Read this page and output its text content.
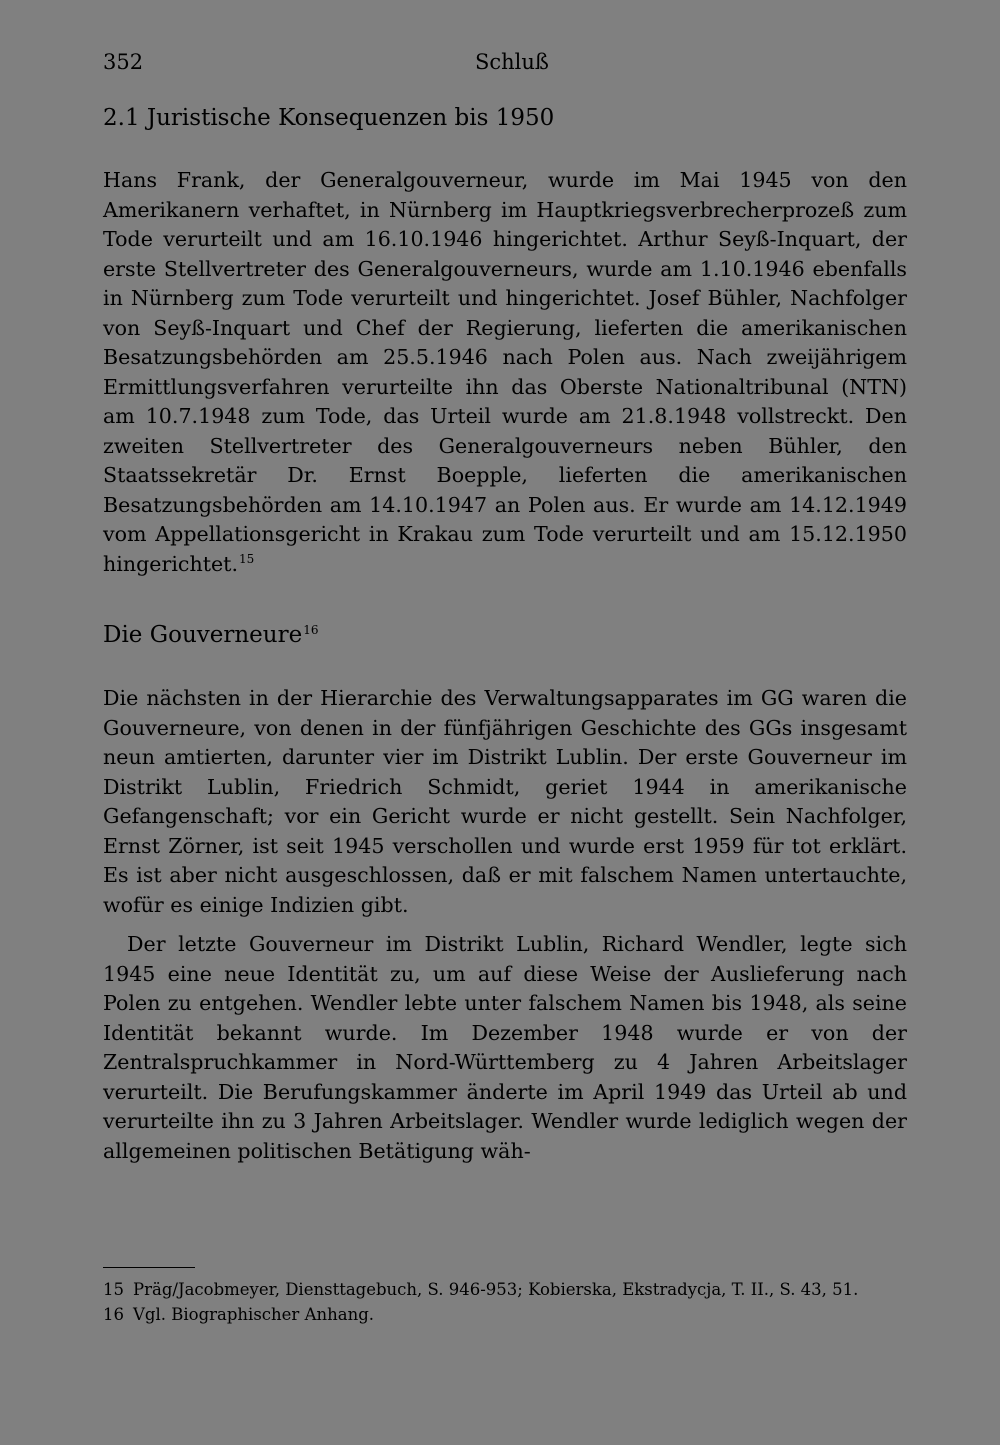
352	Schluß
2.1 Juristische Konsequenzen bis 1950

Hans Frank, der Generalgouverneur, wurde im Mai 1945 von den Amerikanern verhaftet, in Nürnberg im Hauptkriegsverbrecherprozeß zum Tode verurteilt und am 16.10.1946 hingerichtet. Arthur Seyß-Inquart, der erste Stellvertreter des Generalgouverneurs, wurde am 1.10.1946 ebenfalls in Nürnberg zum Tode verurteilt und hingerichtet. Josef Bühler, Nachfolger von Seyß-Inquart und Chef der Regierung, lieferten die amerikanischen Besatzungsbehörden am 25.5.1946 nach Polen aus. Nach zweijährigem Ermittlungsverfahren verurteilte ihn das Oberste Nationaltribunal (NTN) am 10.7.1948 zum Tode, das Urteil wurde am 21.8.1948 vollstreckt. Den zweiten Stellvertreter des Generalgouverneurs neben Bühler, den Staatssekretär Dr. Ernst Boepple, lieferten die amerikanischen Besatzungsbehörden am 14.10.1947 an Polen aus. Er wurde am 14.12.1949 vom Appellationsgericht in Krakau zum Tode verurteilt und am 15.12.1950 hingerichtet.$^{15}$

Die Gouverneure$^{16}$

Die nächsten in der Hierarchie des Verwaltungsapparates im GG waren die Gouverneure, von denen in der fünfjährigen Geschichte des GGs insgesamt neun amtierten, darunter vier im Distrikt Lublin. Der erste Gouverneur im Distrikt Lublin, Friedrich Schmidt, geriet 1944 in amerikanische Gefangenschaft; vor ein Gericht wurde er nicht gestellt. Sein Nachfolger, Ernst Zörner, ist seit 1945 verschollen und wurde erst 1959 für tot erklärt. Es ist aber nicht ausgeschlossen, daß er mit falschem Namen untertauchte, wofür es einige Indizien gibt.

Der letzte Gouverneur im Distrikt Lublin, Richard Wendler, legte sich 1945 eine neue Identität zu, um auf diese Weise der Auslieferung nach Polen zu entgehen. Wendler lebte unter falschem Namen bis 1948, als seine Identität bekannt wurde. Im Dezember 1948 wurde er von der Zentralspruchkammer in Nord-Württemberg zu 4 Jahren Arbeitslager verurteilt. Die Berufungskammer änderte im April 1949 das Urteil ab und verurteilte ihn zu 3 Jahren Arbeitslager. Wendler wurde lediglich wegen der allgemeinen politischen Betätigung wäh-

15 Präg/Jacobmeyer, Diensttagebuch, S. 946-953; Kobierska, Ekstradycja, T. II., S. 43, 51.
16 Vgl. Biographischer Anhang.
